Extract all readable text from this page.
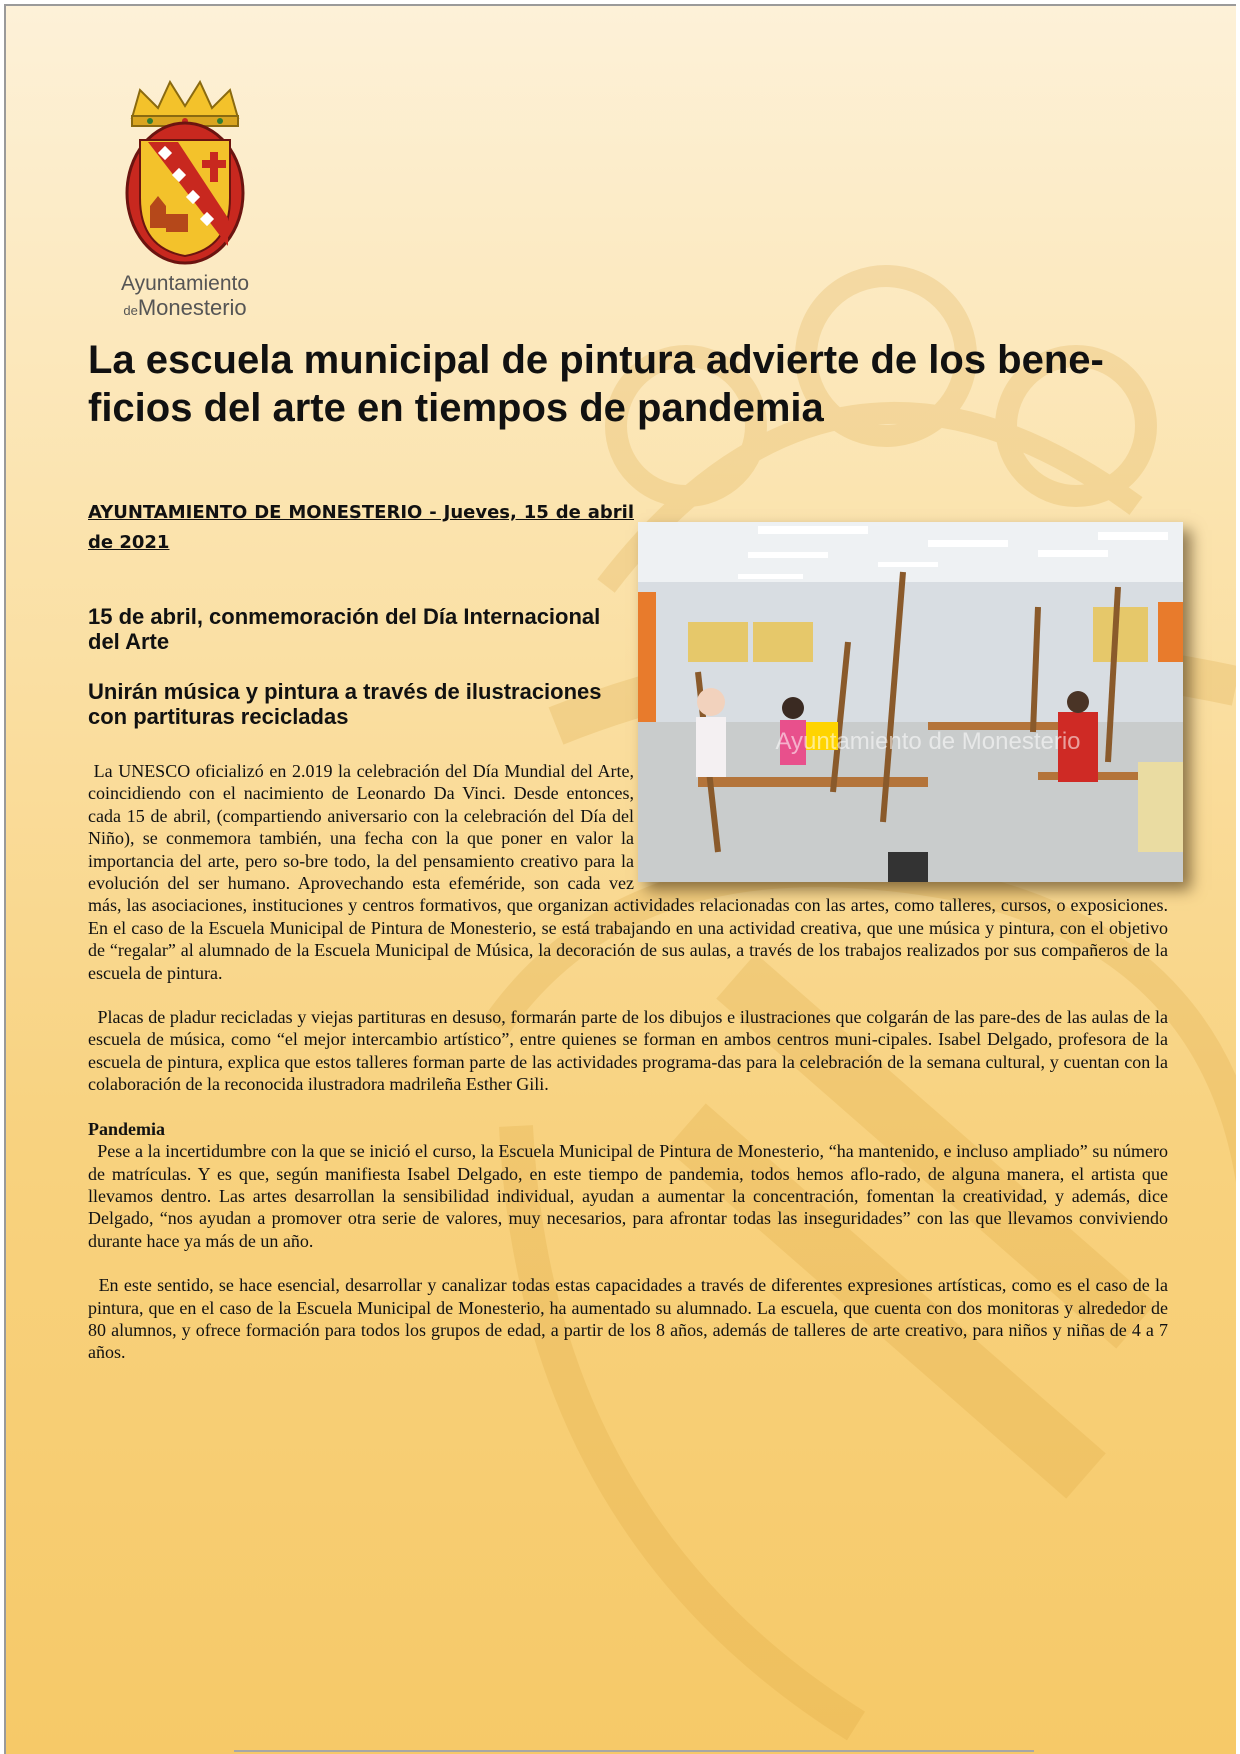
Ayuntamiento
deMonesterio
La escuela municipal de pintura advierte de los bene-ficios del arte en tiempos de pandemia
AYUNTAMIENTO DE MONESTERIO - Jueves, 15 de abril de 2021
15 de abril, conmemoración del Día Internacional del Arte
Unirán música y pintura a través de ilustraciones con partituras recicladas
Ayuntamiento de Monesterio

La UNESCO oficializó en 2.019 la celebración del Día Mundial del Arte, coincidiendo con el nacimiento de Leonardo Da Vinci. Desde entonces, cada 15 de abril, (compartiendo aniversario con la celebración del Día del Niño), se conmemora también, una fecha con la que poner en valor la importancia del arte, pero so-bre todo, la del pensamiento creativo para la evolución del ser humano. Aprovechando esta efeméride, son cada vez más, las asociaciones, instituciones y centros formativos, que organizan actividades relacionadas con las artes, como talleres, cursos, o exposiciones. En el caso de la Escuela Municipal de Pintura de Monesterio, se está trabajando en una actividad creativa, que une música y pintura, con el objetivo de “regalar” al alumnado de la Escuela Municipal de Música, la decoración de sus aulas, a través de los trabajos realizados por sus compañeros de la escuela de pintura.

Placas de pladur recicladas y viejas partituras en desuso, formarán parte de los dibujos e ilustraciones que colgarán de las pare-des de las aulas de la escuela de música, como “el mejor intercambio artístico”, entre quienes se forman en ambos centros muni-cipales. Isabel Delgado, profesora de la escuela de pintura, explica que estos talleres forman parte de las actividades programa-das para la celebración de la semana cultural, y cuentan con la colaboración de la reconocida ilustradora madrileña Esther Gili.

Pandemia

Pese a la incertidumbre con la que se inició el curso, la Escuela Municipal de Pintura de Monesterio, “ha mantenido, e incluso ampliado” su número de matrículas. Y es que, según manifiesta Isabel Delgado, en este tiempo de pandemia, todos hemos aflo-rado, de alguna manera, el artista que llevamos dentro. Las artes desarrollan la sensibilidad individual, ayudan a aumentar la concentración, fomentan la creatividad, y además, dice Delgado, “nos ayudan a promover otra serie de valores, muy necesarios, para afrontar todas las inseguridades” con las que llevamos conviviendo durante hace ya más de un año.

En este sentido, se hace esencial, desarrollar y canalizar todas estas capacidades a través de diferentes expresiones artísticas, como es el caso de la pintura, que en el caso de la Escuela Municipal de Monesterio, ha aumentado su alumnado. La escuela, que cuenta con dos monitoras y alrededor de 80 alumnos, y ofrece formación para todos los grupos de edad, a partir de los 8 años, además de talleres de arte creativo, para niños y niñas de 4 a 7 años.
